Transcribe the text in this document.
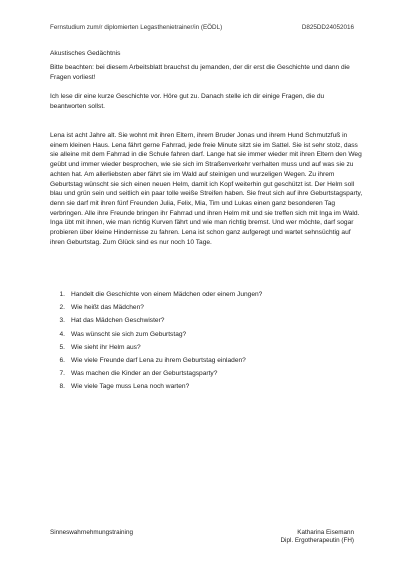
Fernstudium zum/r diplomierten Legasthenietrainer/in (EÖDL)	D825DD24052016

Akustisches Gedächtnis

Bitte beachten: bei diesem Arbeitsblatt brauchst du jemanden, der dir erst die Geschichte und dann die Fragen vorliest!

Ich lese dir eine kurze Geschichte vor. Höre gut zu. Danach stelle ich dir einige Fragen, die du beantworten sollst.

Lena ist acht Jahre alt. Sie wohnt mit ihren Eltern, ihrem Bruder Jonas und ihrem Hund Schmutzfuß in einem kleinen Haus. Lena fährt gerne Fahrrad, jede freie Minute sitzt sie im Sattel. Sie ist sehr stolz, dass sie alleine mit dem Fahrrad in die Schule fahren darf. Lange hat sie immer wieder mit ihren Eltern den Weg geübt und immer wieder besprochen, wie sie sich im Straßenverkehr verhalten muss und auf was sie zu achten hat. Am allerliebsten aber fährt sie im Wald auf steinigen und wurzeligen Wegen. Zu ihrem Geburtstag wünscht sie sich einen neuen Helm, damit ich Kopf weiterhin gut geschützt ist. Der Helm soll blau und grün sein und seitlich ein paar tolle weiße Streifen haben. Sie freut sich auf ihre Geburtstagsparty, denn sie darf mit ihren fünf Freunden Julia, Felix, Mia, Tim und Lukas einen ganz besonderen Tag verbringen. Alle ihre Freunde bringen ihr Fahrrad und ihren Helm mit und sie treffen sich mit Inga im Wald. Inga übt mit ihnen, wie man richtig Kurven fährt und wie man richtig bremst. Und wer möchte, darf sogar probieren über kleine Hindernisse zu fahren. Lena ist schon ganz aufgeregt und wartet sehnsüchtig auf ihren Geburtstag. Zum Glück sind es nur noch 10 Tage.

1. Handelt die Geschichte von einem Mädchen oder einem Jungen?
2. Wie heißt das Mädchen?
3. Hat das Mädchen Geschwister?
4. Was wünscht sie sich zum Geburtstag?
5. Wie sieht ihr Helm aus?
6. Wie viele Freunde darf Lena zu ihrem Geburtstag einladen?
7. Was machen die Kinder an der Geburtstagsparty?
8. Wie viele Tage muss Lena noch warten?
Sinneswahrnehmungstraining	Katharina Eisemann
Dipl. Ergotherapeutin (FH)
